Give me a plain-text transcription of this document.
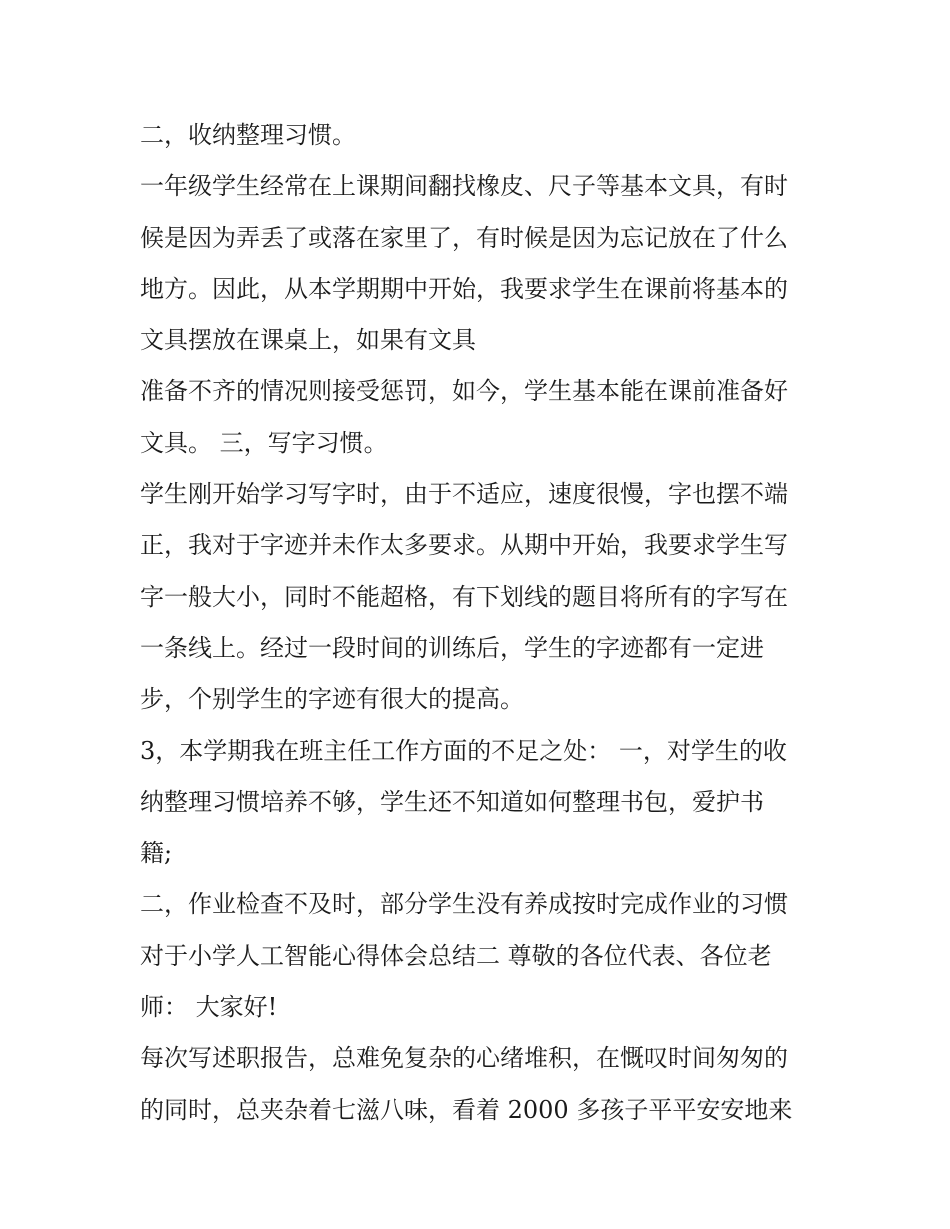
二，收纳整理习惯。
一年级学生经常在上课期间翻找橡皮、尺子等基本文具，有时
候是因为弄丢了或落在家里了，有时候是因为忘记放在了什么
地方。因此，从本学期期中开始，我要求学生在课前将基本的
文具摆放在课桌上，如果有文具
准备不齐的情况则接受惩罚，如今，学生基本能在课前准备好
文具。 三，写字习惯。
学生刚开始学习写字时，由于不适应，速度很慢，字也摆不端
正，我对于字迹并未作太多要求。从期中开始，我要求学生写
字一般大小，同时不能超格，有下划线的题目将所有的字写在
一条线上。经过一段时间的训练后，学生的字迹都有一定进
步，个别学生的字迹有很大的提高。
3，本学期我在班主任工作方面的不足之处： 一，对学生的收
纳整理习惯培养不够，学生还不知道如何整理书包，爱护书
籍;
二，作业检查不及时，部分学生没有养成按时完成作业的习惯
对于小学人工智能心得体会总结二 尊敬的各位代表、各位老
师： 大家好!
每次写述职报告，总难免复杂的心绪堆积，在慨叹时间匆匆的
的同时，总夹杂着七滋八味，看着 2000 多孩子平平安安地来
